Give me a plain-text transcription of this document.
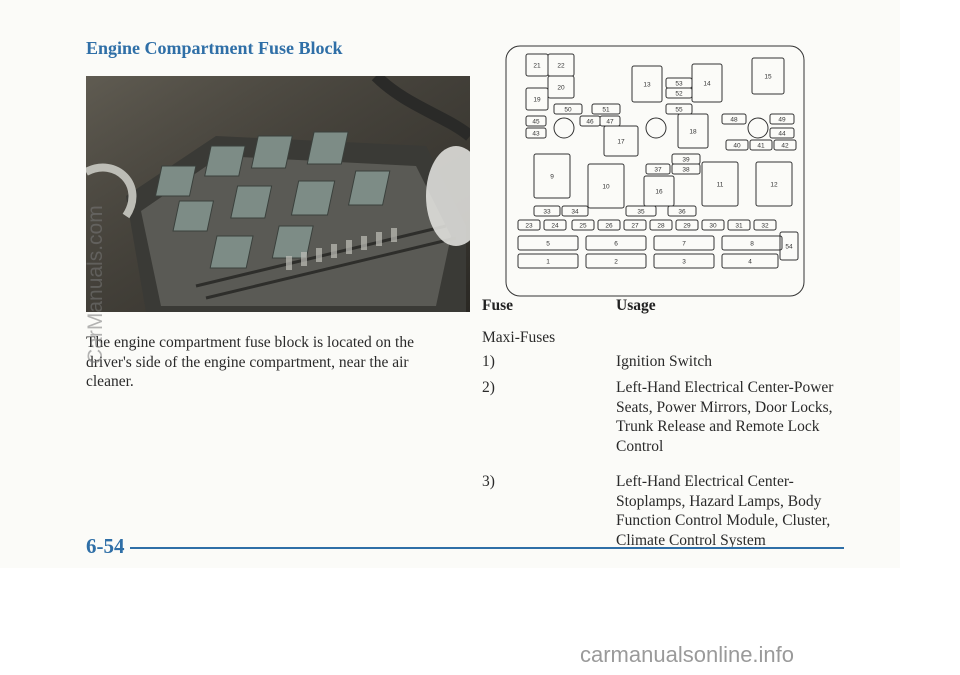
Engine Compartment Fuse Block
The engine compartment fuse block is located on the driver's side of the engine compartment, near the air cleaner.
21	22
20
19
13	53
52
14
15
50	51	55
45
43
46 47
17
18
48	49
44
40	41	42
39
9
37	38
10
16
11	12
33	34	35	36
23	24	25	26	27	28	29	30	31	32
5	6	7	8	54
1	2	3	4
Fuse	Usage
Maxi-Fuses
1)	Ignition Switch
2)	Left-Hand Electrical Center-Power Seats, Power Mirrors, Door Locks, Trunk Release and Remote Lock Control
3)	Left-Hand Electrical Center-Stoplamps, Hazard Lamps, Body Function Control Module, Cluster, Climate Control System
6-54
CarManuals.com
carmanualsonline.info
